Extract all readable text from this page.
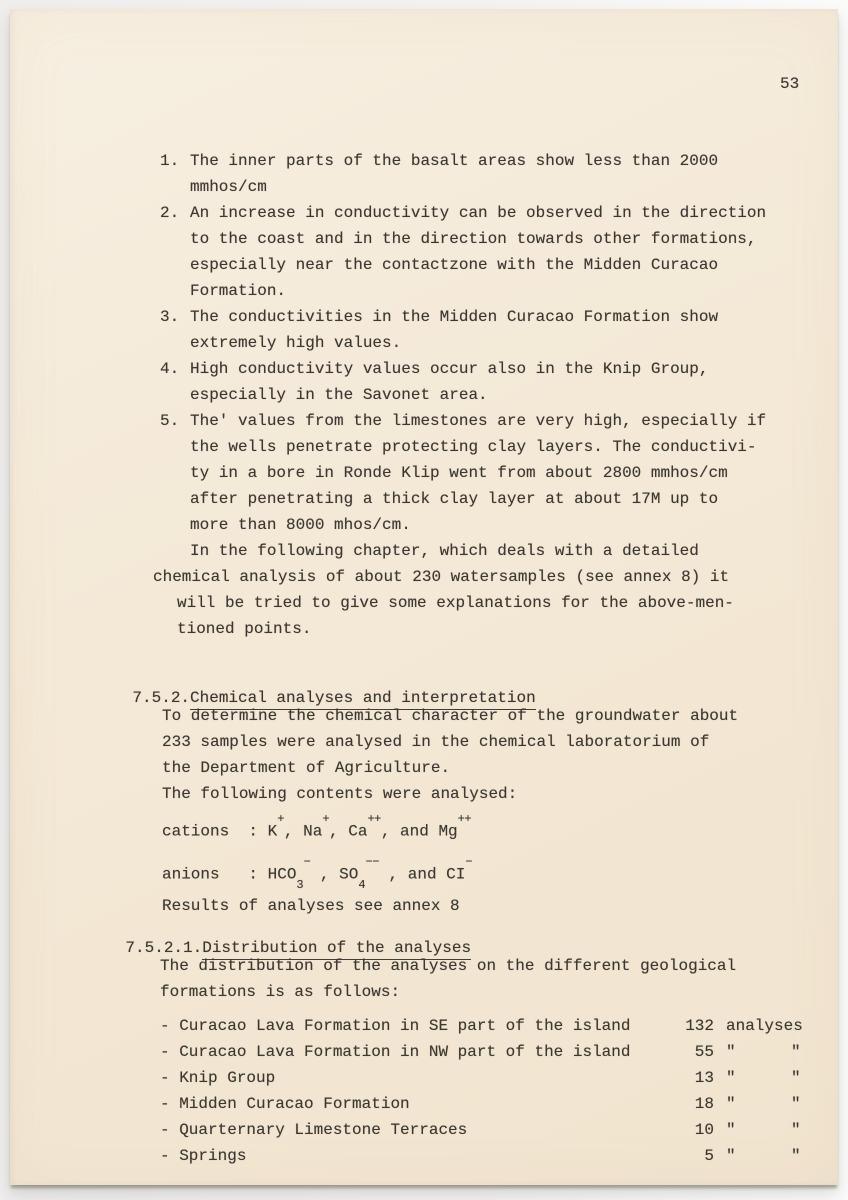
53
1. The inner parts of the basalt areas show less than 2000
mmhos/cm
2. An increase in conductivity can be observed in the direction
to the coast and in the direction towards other formations,
especially near the contactzone with the Midden Curacao
Formation.
3. The conductivities in the Midden Curacao Formation show
extremely high values.
4. High conductivity values occur also in the Knip Group,
especially in the Savonet area.
5. The' values from the limestones are very high, especially if
the wells penetrate protecting clay layers. The conductivi-
ty in a bore in Ronde Klip went from about 2800 mmhos/cm
after penetrating a thick clay layer at about 17M up to
more than 8000 mhos/cm.
In the following chapter, which deals with a detailed
chemical analysis of about 230 watersamples (see annex 8) it
will be tried to give some explanations for the above-men-
tioned points.

7.5.2.Chemical analyses and interpretation

To determine the chemical character of the groundwater about
233 samples were analysed in the chemical laboratorium of
the Department of Agriculture.
The following contents were analysed:
cations  : K+, Na+, Ca++, and Mg++
anions   : $HCO_3^-$ , $SO_4^{--}$ , and CI−
Results of analyses see annex 8

7.5.2.1.Distribution of the analyses

The distribution of the analyses on the different geological
formations is as follows:
- Curacao Lava Formation in SE part of the island	132 analyses
- Curacao Lava Formation in NW part of the island	55 "	"
- Knip Group	13 "	"
- Midden Curacao Formation	18 "	"
- Quarternary Limestone Terraces	10 "	"
- Springs	5 "	"
